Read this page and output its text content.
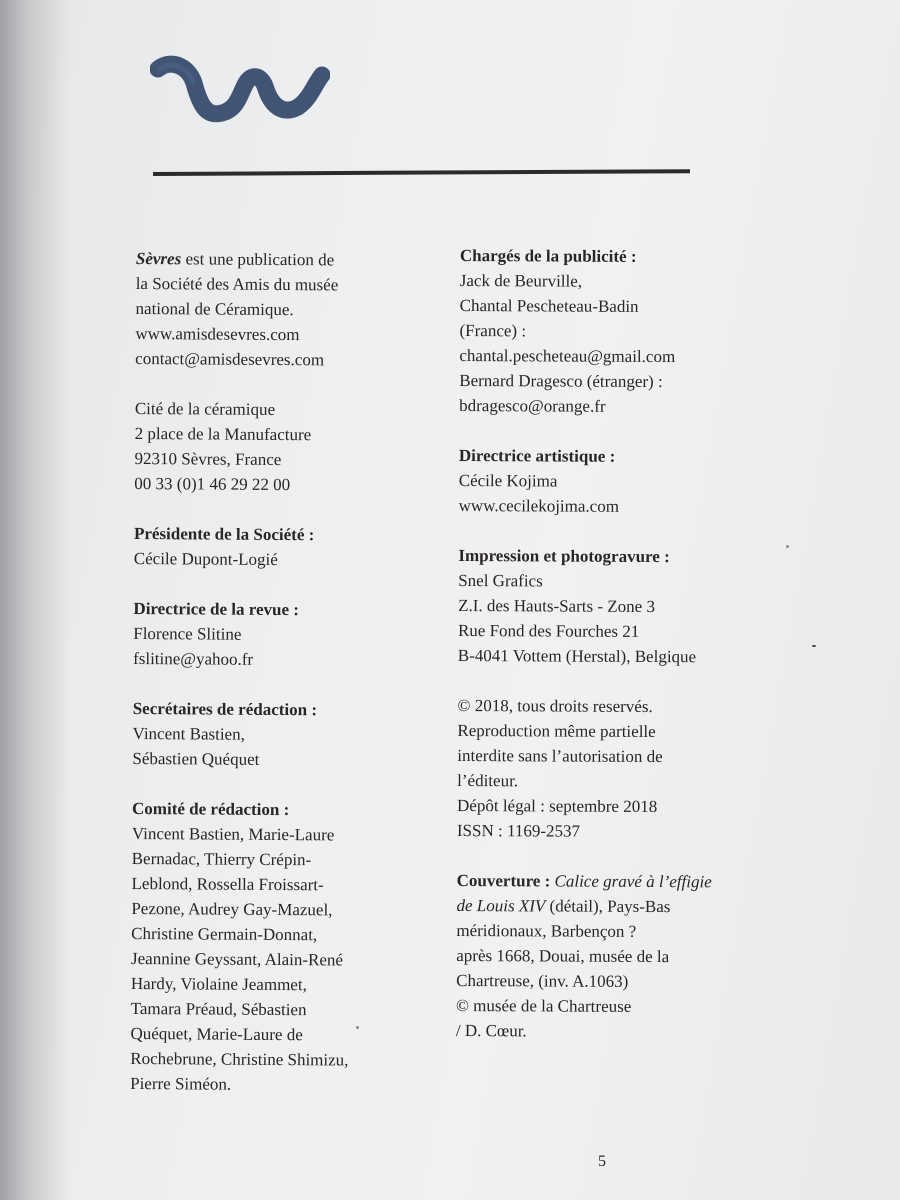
Sèvres est une publication de
la Société des Amis du musée
national de Céramique.
www.amisdesevres.com
contact@amisdesevres.com
Cité de la céramique
2 place de la Manufacture
92310 Sèvres, France
00 33 (0)1 46 29 22 00
Présidente de la Société :
Cécile Dupont-Logié
Directrice de la revue :
Florence Slitine
fslitine@yahoo.fr
Secrétaires de rédaction :
Vincent Bastien,
Sébastien Quéquet
Comité de rédaction :
Vincent Bastien, Marie-Laure
Bernadac, Thierry Crépin-
Leblond, Rossella Froissart-
Pezone, Audrey Gay-Mazuel,
Christine Germain-Donnat,
Jeannine Geyssant, Alain-René
Hardy, Violaine Jeammet,
Tamara Préaud, Sébastien
Quéquet, Marie-Laure de
Rochebrune, Christine Shimizu,
Pierre Siméon.
Chargés de la publicité :
Jack de Beurville,
Chantal Pescheteau-Badin
(France) :
chantal.pescheteau@gmail.com
Bernard Dragesco (étranger) :
bdragesco@orange.fr
Directrice artistique :
Cécile Kojima
www.cecilekojima.com
Impression et photogravure :
Snel Grafics
Z.I. des Hauts-Sarts - Zone 3
Rue Fond des Fourches 21
B-4041 Vottem (Herstal), Belgique
© 2018, tous droits reservés.
Reproduction même partielle
interdite sans l’autorisation de
l’éditeur.
Dépôt légal : septembre 2018
ISSN : 1169-2537
Couverture : Calice gravé à l’effigie
de Louis XIV (détail), Pays-Bas
méridionaux, Barbençon ?
après 1668, Douai, musée de la
Chartreuse, (inv. A.1063)
© musée de la Chartreuse
/ D. Cœur.
5
